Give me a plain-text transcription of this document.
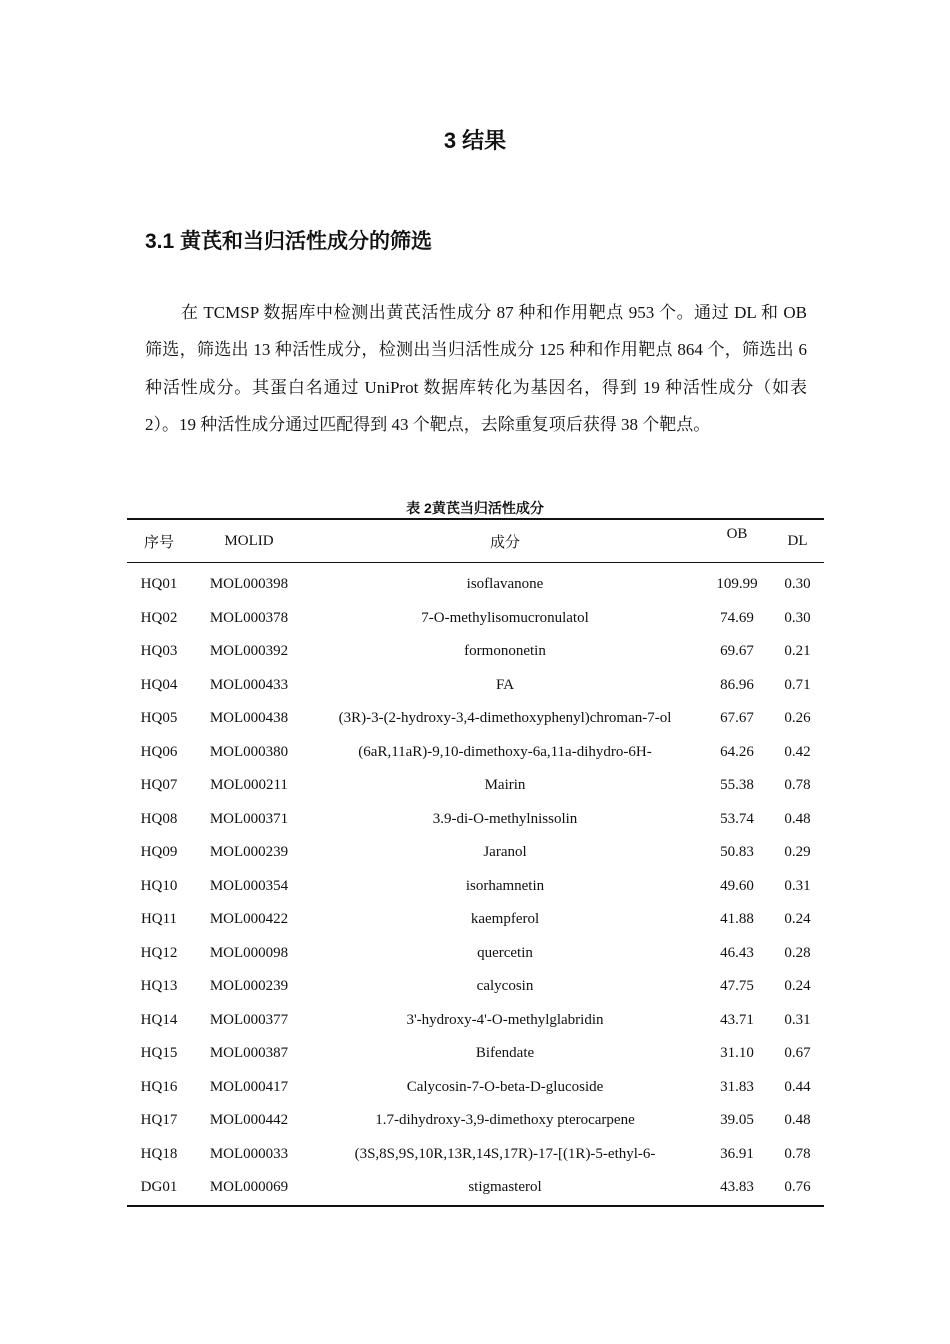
3 结果
3.1 黄芪和当归活性成分的筛选

在 TCMSP 数据库中检测出黄芪活性成分 87 种和作用靶点 953 个。通过 DL 和 OB 筛选，筛选出 13 种活性成分，检测出当归活性成分 125 种和作用靶点 864 个，筛选出 6 种活性成分。其蛋白名通过 UniProt 数据库转化为基因名，得到 19 种活性成分（如表 2）。19 种活性成分通过匹配得到 43 个靶点，去除重复项后获得 38 个靶点。

表 2黄芪当归活性成分
序号	MOLID	成分	OB	DL

HQ01	MOL000398	isoflavanone	109.99	0.30
HQ02	MOL000378	7-O-methylisomucronulatol	74.69	0.30
HQ03	MOL000392	formononetin	69.67	0.21
HQ04	MOL000433	FA	86.96	0.71
HQ05	MOL000438	(3R)-3-(2-hydroxy-3,4-dimethoxyphenyl)chroman-7-ol	67.67	0.26
HQ06	MOL000380	(6aR,11aR)-9,10-dimethoxy-6a,11a-dihydro-6H-	64.26	0.42
HQ07	MOL000211	Mairin	55.38	0.78
HQ08	MOL000371	3.9-di-O-methylnissolin	53.74	0.48
HQ09	MOL000239	Jaranol	50.83	0.29
HQ10	MOL000354	isorhamnetin	49.60	0.31
HQ11	MOL000422	kaempferol	41.88	0.24
HQ12	MOL000098	quercetin	46.43	0.28
HQ13	MOL000239	calycosin	47.75	0.24
HQ14	MOL000377	3'-hydroxy-4'-O-methylglabridin	43.71	0.31
HQ15	MOL000387	Bifendate	31.10	0.67
HQ16	MOL000417	Calycosin-7-O-beta-D-glucoside	31.83	0.44
HQ17	MOL000442	1.7-dihydroxy-3,9-dimethoxy pterocarpene	39.05	0.48
HQ18	MOL000033	(3S,8S,9S,10R,13R,14S,17R)-17-[(1R)-5-ethyl-6-	36.91	0.78
DG01	MOL000069	stigmasterol	43.83	0.76
